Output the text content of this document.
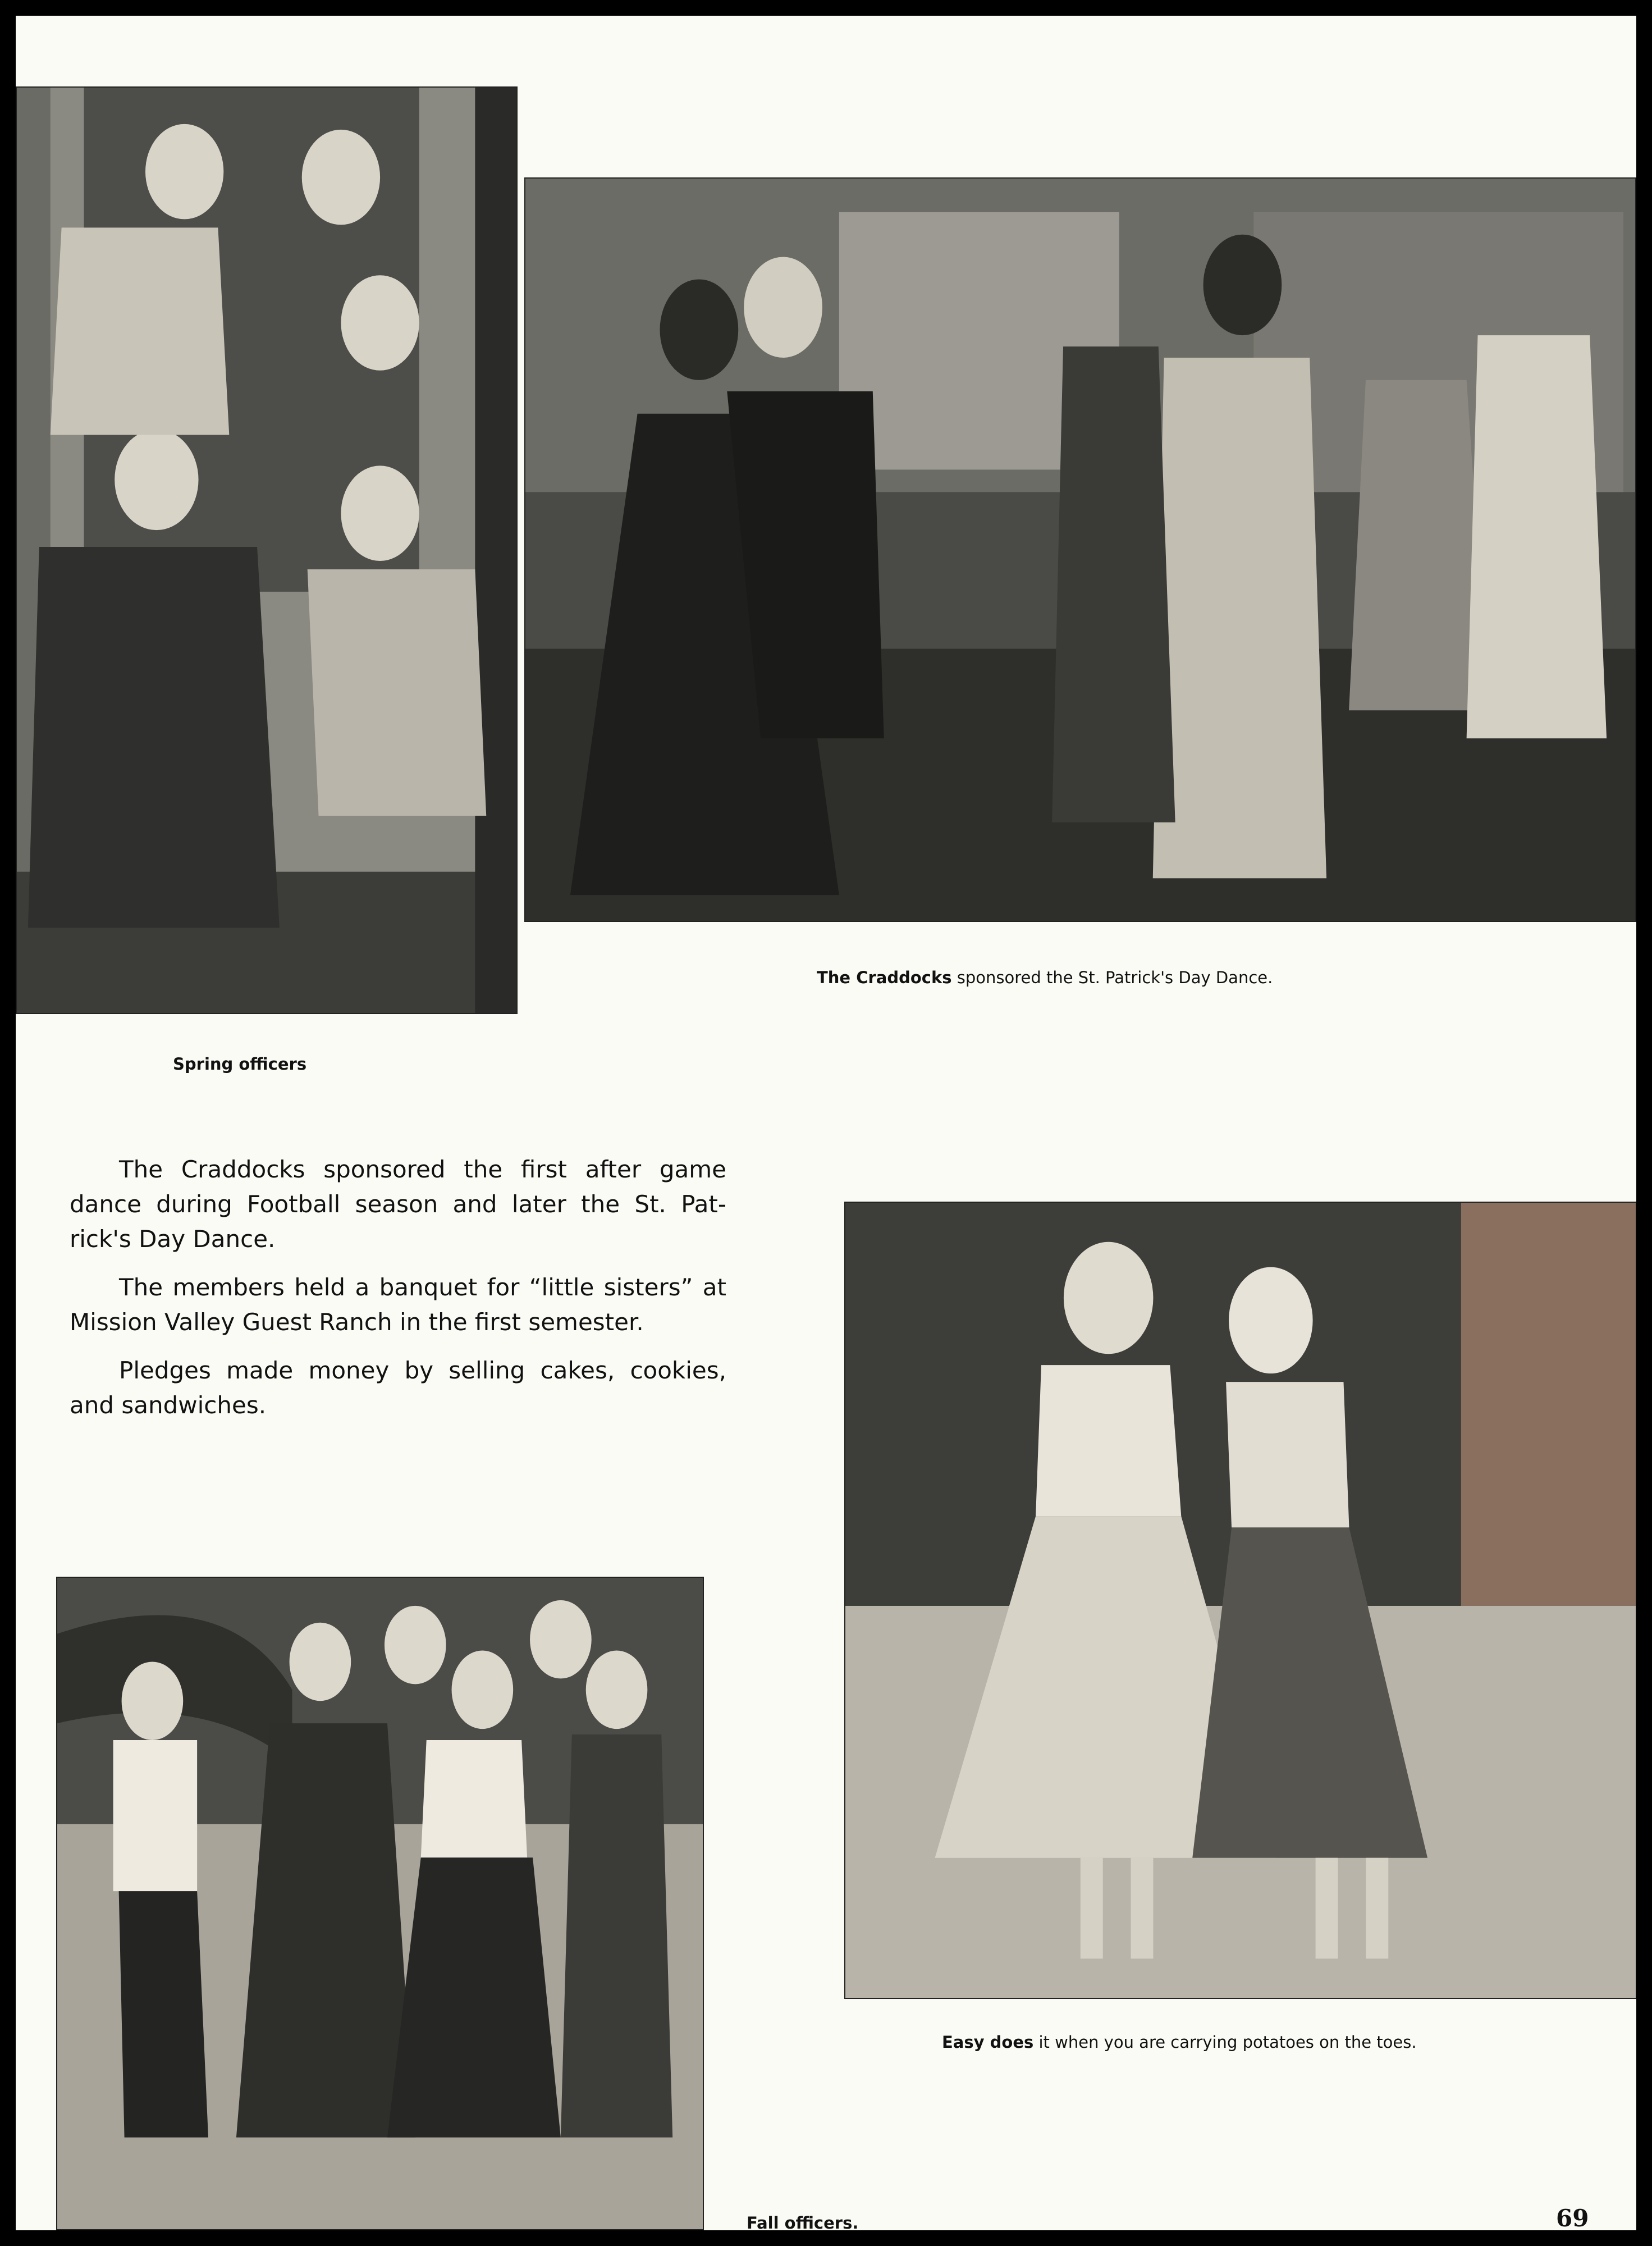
Spring officers
The Craddocks sponsored the St. Patrick's Day Dance.

The Craddocks sponsored the first after game dance during Football season and later the St. Pat-rick's Day Dance.

The members held a banquet for “little sisters” at Mission Valley Guest Ranch in the first semester.

Pledges made money by selling cakes, cookies, and sandwiches.

Easy does it when you are carrying potatoes on the toes.
Fall officers.	69
